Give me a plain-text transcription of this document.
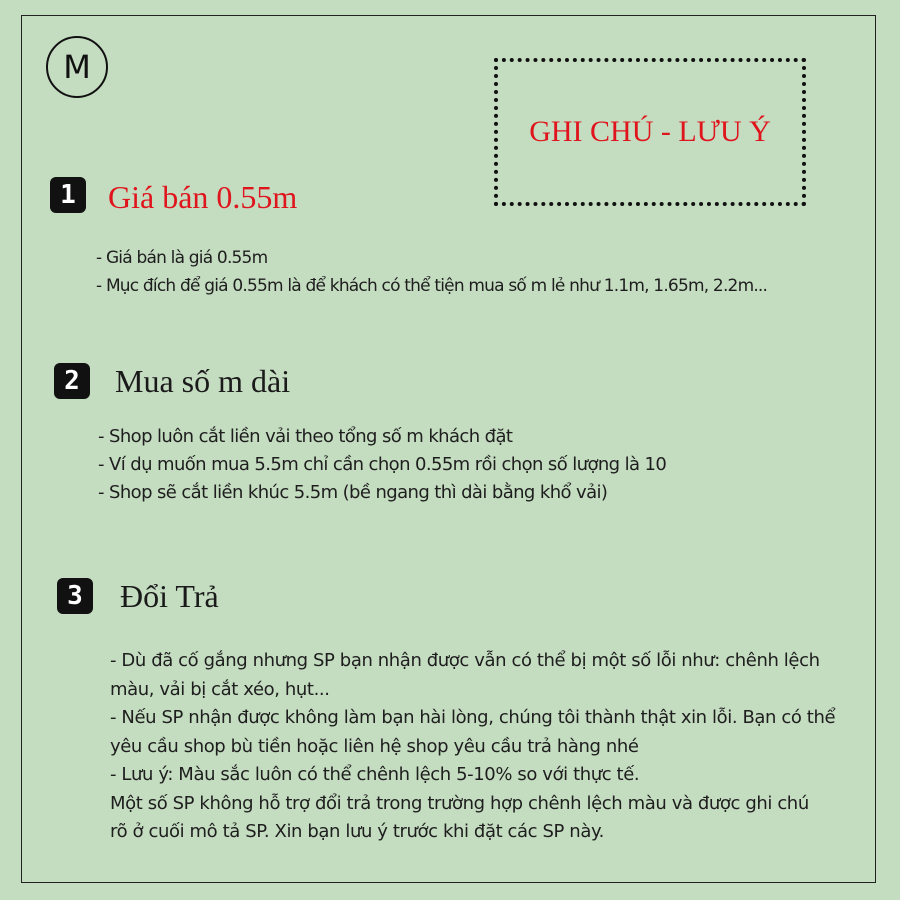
M
GHI CHÚ - LƯU Ý
1 Giá bán 0.55m
- Giá bán là giá 0.55m
- Mục đích để giá 0.55m là để khách có thể tiện mua số m lẻ như 1.1m, 1.65m, 2.2m...
2 Mua số m dài
- Shop luôn cắt liền vải theo tổng số m khách đặt
- Ví dụ muốn mua 5.5m chỉ cần chọn 0.55m rồi chọn số lượng là 10
- Shop sẽ cắt liền khúc 5.5m (bề ngang thì dài bằng khổ vải)
3 Đổi Trả
- Dù đã cố gắng nhưng SP bạn nhận được vẫn có thể bị một số lỗi như: chênh lệch
màu, vải bị cắt xéo, hụt...
- Nếu SP nhận được không làm bạn hài lòng, chúng tôi thành thật xin lỗi. Bạn có thể
yêu cầu shop bù tiền hoặc liên hệ shop yêu cầu trả hàng nhé
- Lưu ý: Màu sắc luôn có thể chênh lệch 5-10% so với thực tế.
Một số SP không hỗ trợ đổi trả trong trường hợp chênh lệch màu và được ghi chú
rõ ở cuối mô tả SP. Xin bạn lưu ý trước khi đặt các SP này.
